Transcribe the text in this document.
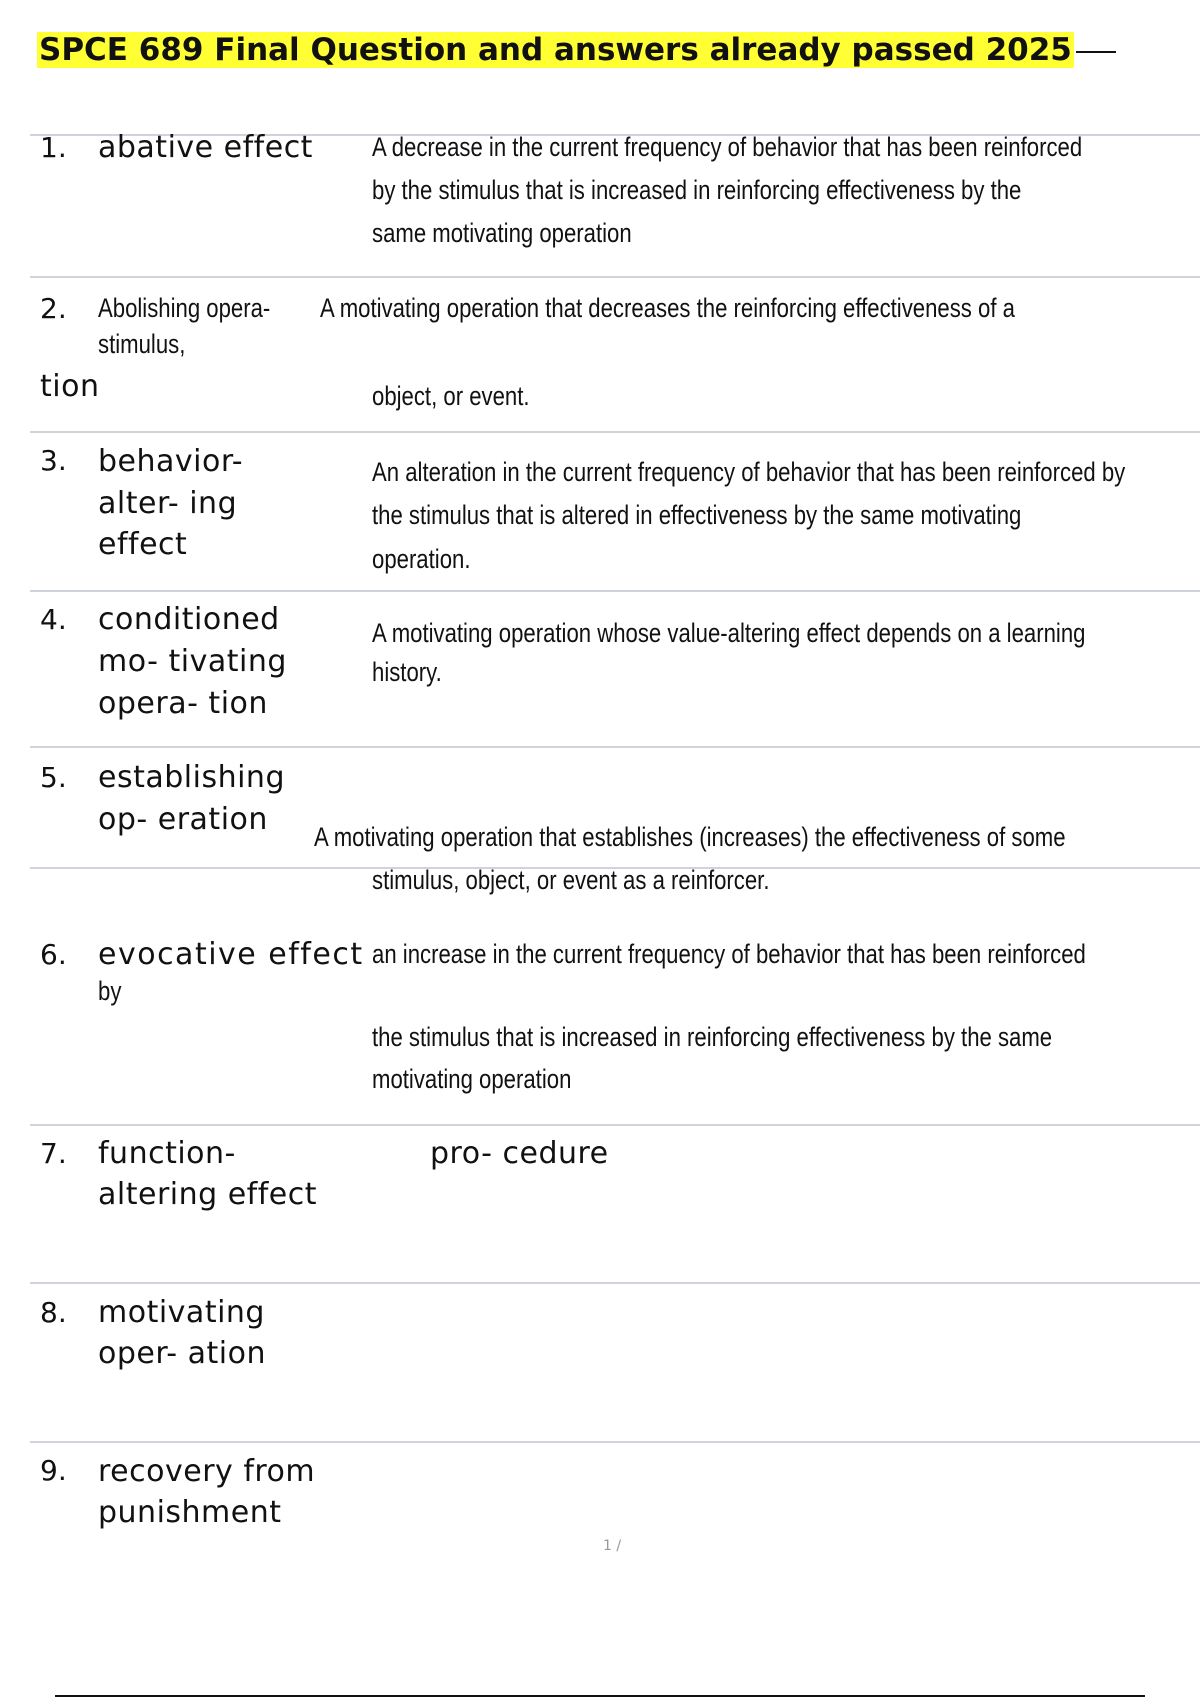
SPCE 689 Final Question and answers already passed 2025
1. abative effect A decrease in the current frequency of behavior that has been reinforced
by the stimulus that is increased in reinforcing effectiveness by the
same motivating operation
2. Abolishing opera-
stimulus,
tion
A motivating operation that decreases the reinforcing effectiveness of a
object, or event.
3. behavior-
alter- ing
effect
An alteration in the current frequency of behavior that has been reinforced by
the stimulus that is altered in effectiveness by the same motivating
operation.
4. conditioned
mo- tivating
opera- tion
A motivating operation whose value-altering effect depends on a learning
history.
5. establishing
op- eration A motivating operation that establishes (increases) the effectiveness of some
stimulus, object, or event as a reinforcer.
6. evocative effect
by
an increase in the current frequency of behavior that has been reinforced
the stimulus that is increased in reinforcing effectiveness by the same
motivating operation
7. function-
altering effect
pro- cedure
8. motivating
oper- ation
9. recovery from
punishment
1 /
